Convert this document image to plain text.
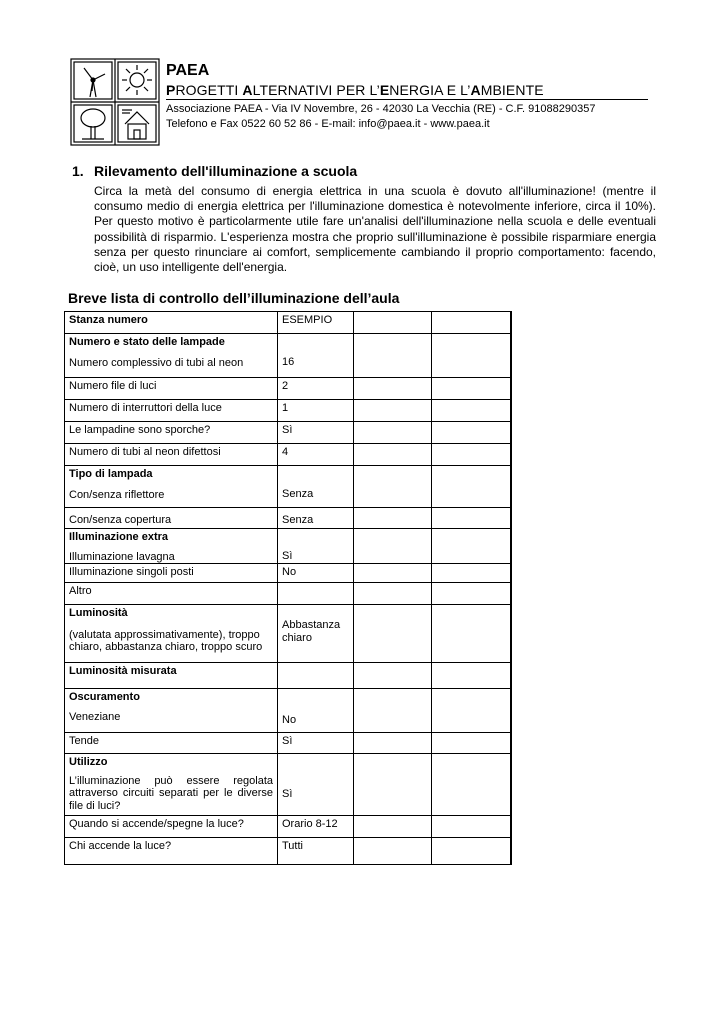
PAEA
PROGETTI ALTERNATIVI PER L’ENERGIA E L’AMBIENTE
Associazione PAEA - Via IV Novembre, 26 - 42030 La Vecchia (RE) - C.F. 91088290357
Telefono e Fax 0522 60 52 86 - E-mail: info@paea.it - www.paea.it
1. Rilevamento dell'illuminazione a scuola

Circa la metà del consumo di energia elettrica in una scuola è dovuto all'illuminazione! (mentre il consumo medio di energia elettrica per l'illuminazione domestica è notevolmente inferiore, circa il 10%). Per questo motivo è particolarmente utile fare un'analisi dell'illuminazione nella scuola e delle eventuali possibilità di risparmio. L'esperienza mostra che proprio sull'illuminazione è possibile risparmiare energia senza per questo rinunciare ai comfort, semplicemente cambiando il proprio comportamento: facendo, cioè, un uso intelligente dell'energia.

Breve lista di controllo dell’illuminazione dell’aula
Stanza numero	ESEMPIO		
Numero e stato delle lampade
Numero complessivo di tubi al neon	16		

Numero file di luci	2		
Numero di interruttori della luce	1		
Le lampadine sono sporche?	Sì		
Numero di tubi al neon difettosi	4		
Tipo di lampada
Con/senza riflettore	Senza		

Con/senza copertura	Senza		

Illuminazione extra
Illuminazione lavagna	Sì		

Illuminazione singoli posti	No		
Altro			
Luminosità
(valutata approssimativamente), troppo chiaro, abbastanza chiaro, troppo scuro	Abbastanza chiaro		

Luminosità misurata			
Oscuramento
Veneziane	No		

Tende	Sì		
Utilizzo
L’illuminazione può essere regolata attraverso circuiti separati per le diverse file di luci?	Sì		

Quando si accende/spegne la luce?	Orario 8-12		
Chi accende la luce?	Tutti		
